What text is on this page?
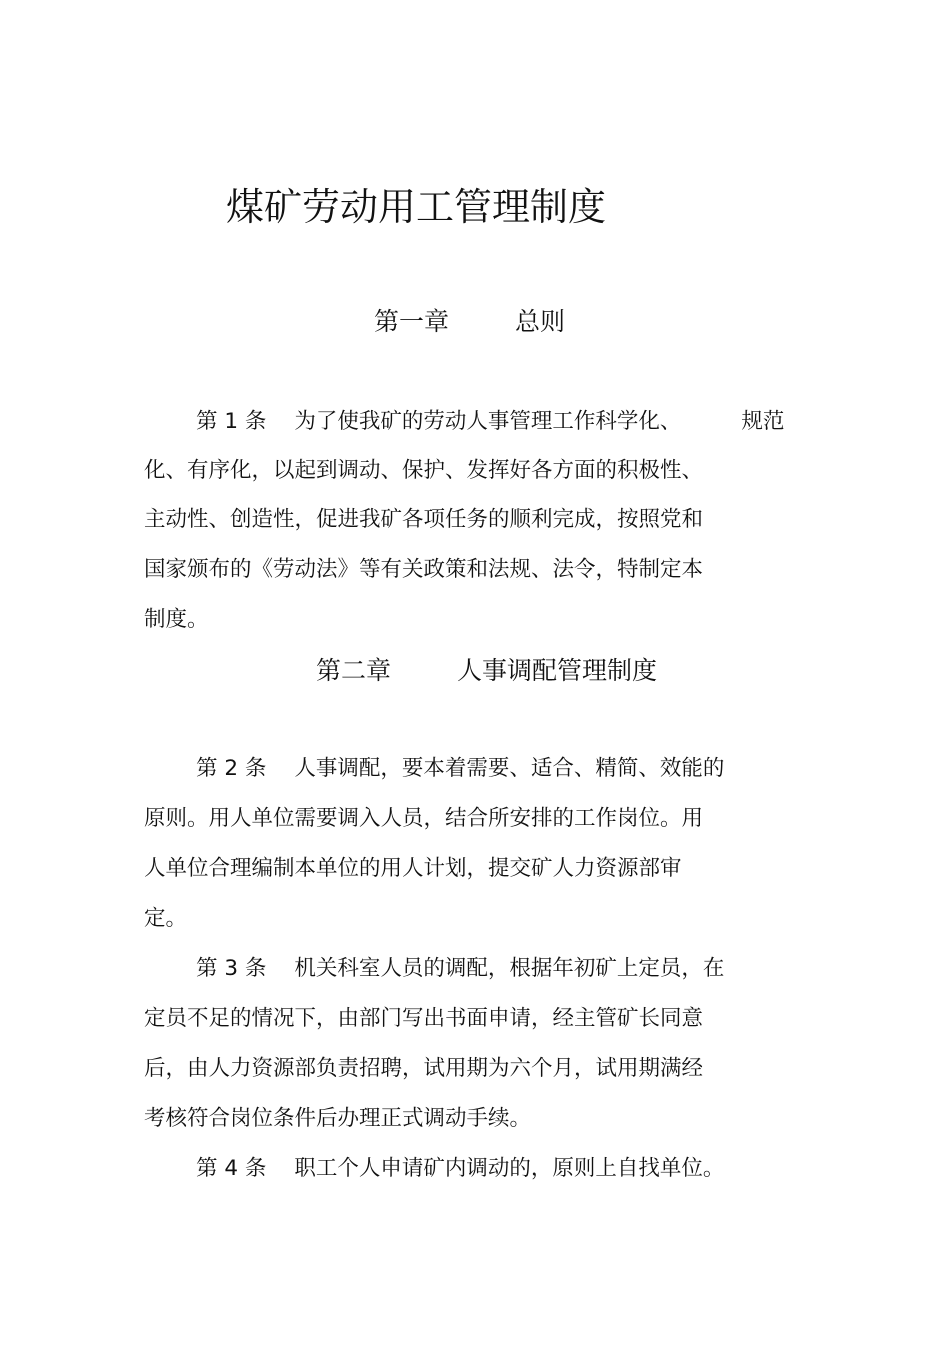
煤矿劳动用工管理制度
第一章	总则
第 1 条 为了使我矿的劳动人事管理工作科学化、	规范
化、有序化，以起到调动、保护、发挥好各方面的积极性、
主动性、创造性，促进我矿各项任务的顺利完成，按照党和
国家颁布的《劳动法》等有关政策和法规、法令，特制定本
制度。
第二章	人事调配管理制度
第 2 条 人事调配，要本着需要、适合、精简、效能的
原则。用人单位需要调入人员，结合所安排的工作岗位。用
人单位合理编制本单位的用人计划，提交矿人力资源部审
定。
第 3 条 机关科室人员的调配，根据年初矿上定员，在
定员不足的情况下，由部门写出书面申请，经主管矿长同意
后，由人力资源部负责招聘，试用期为六个月，试用期满经
考核符合岗位条件后办理正式调动手续。
第 4 条 职工个人申请矿内调动的，原则上自找单位。
